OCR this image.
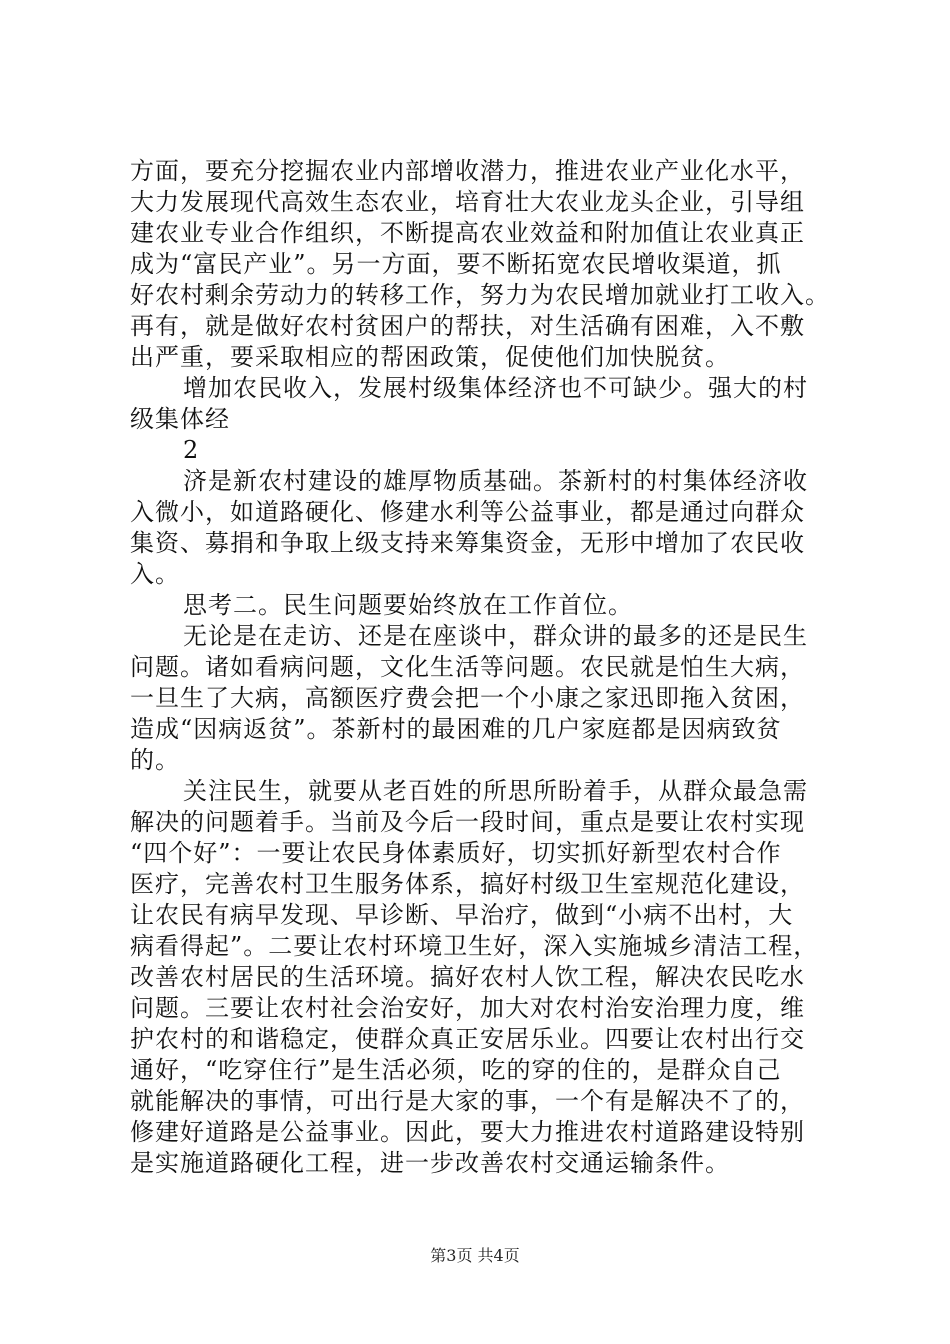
方面，要充分挖掘农业内部增收潜力，推进农业产业化水平，
大力发展现代高效生态农业，培育壮大农业龙头企业，引导组
建农业专业合作组织，不断提高农业效益和附加值让农业真正
成为“富民产业”。另一方面，要不断拓宽农民增收渠道，抓
好农村剩余劳动力的转移工作，努力为农民增加就业打工收入。
再有，就是做好农村贫困户的帮扶，对生活确有困难，入不敷
出严重，要采取相应的帮困政策，促使他们加快脱贫。
增加农民收入，发展村级集体经济也不可缺少。强大的村
级集体经
2
济是新农村建设的雄厚物质基础。茶新村的村集体经济收
入微小，如道路硬化、修建水利等公益事业，都是通过向群众
集资、募捐和争取上级支持来筹集资金，无形中增加了农民收
入。
思考二。民生问题要始终放在工作首位。
无论是在走访、还是在座谈中，群众讲的最多的还是民生
问题。诸如看病问题，文化生活等问题。农民就是怕生大病，
一旦生了大病，高额医疗费会把一个小康之家迅即拖入贫困，
造成“因病返贫”。茶新村的最困难的几户家庭都是因病致贫
的。
关注民生，就要从老百姓的所思所盼着手，从群众最急需
解决的问题着手。当前及今后一段时间，重点是要让农村实现
“四个好”：一要让农民身体素质好，切实抓好新型农村合作
医疗，完善农村卫生服务体系，搞好村级卫生室规范化建设，
让农民有病早发现、早诊断、早治疗，做到“小病不出村，大
病看得起”。二要让农村环境卫生好，深入实施城乡清洁工程，
改善农村居民的生活环境。搞好农村人饮工程，解决农民吃水
问题。三要让农村社会治安好，加大对农村治安治理力度，维
护农村的和谐稳定，使群众真正安居乐业。四要让农村出行交
通好，“吃穿住行”是生活必须，吃的穿的住的，是群众自己
就能解决的事情，可出行是大家的事，一个有是解决不了的，
修建好道路是公益事业。因此，要大力推进农村道路建设特别
是实施道路硬化工程，进一步改善农村交通运输条件。
第3页 共4页
